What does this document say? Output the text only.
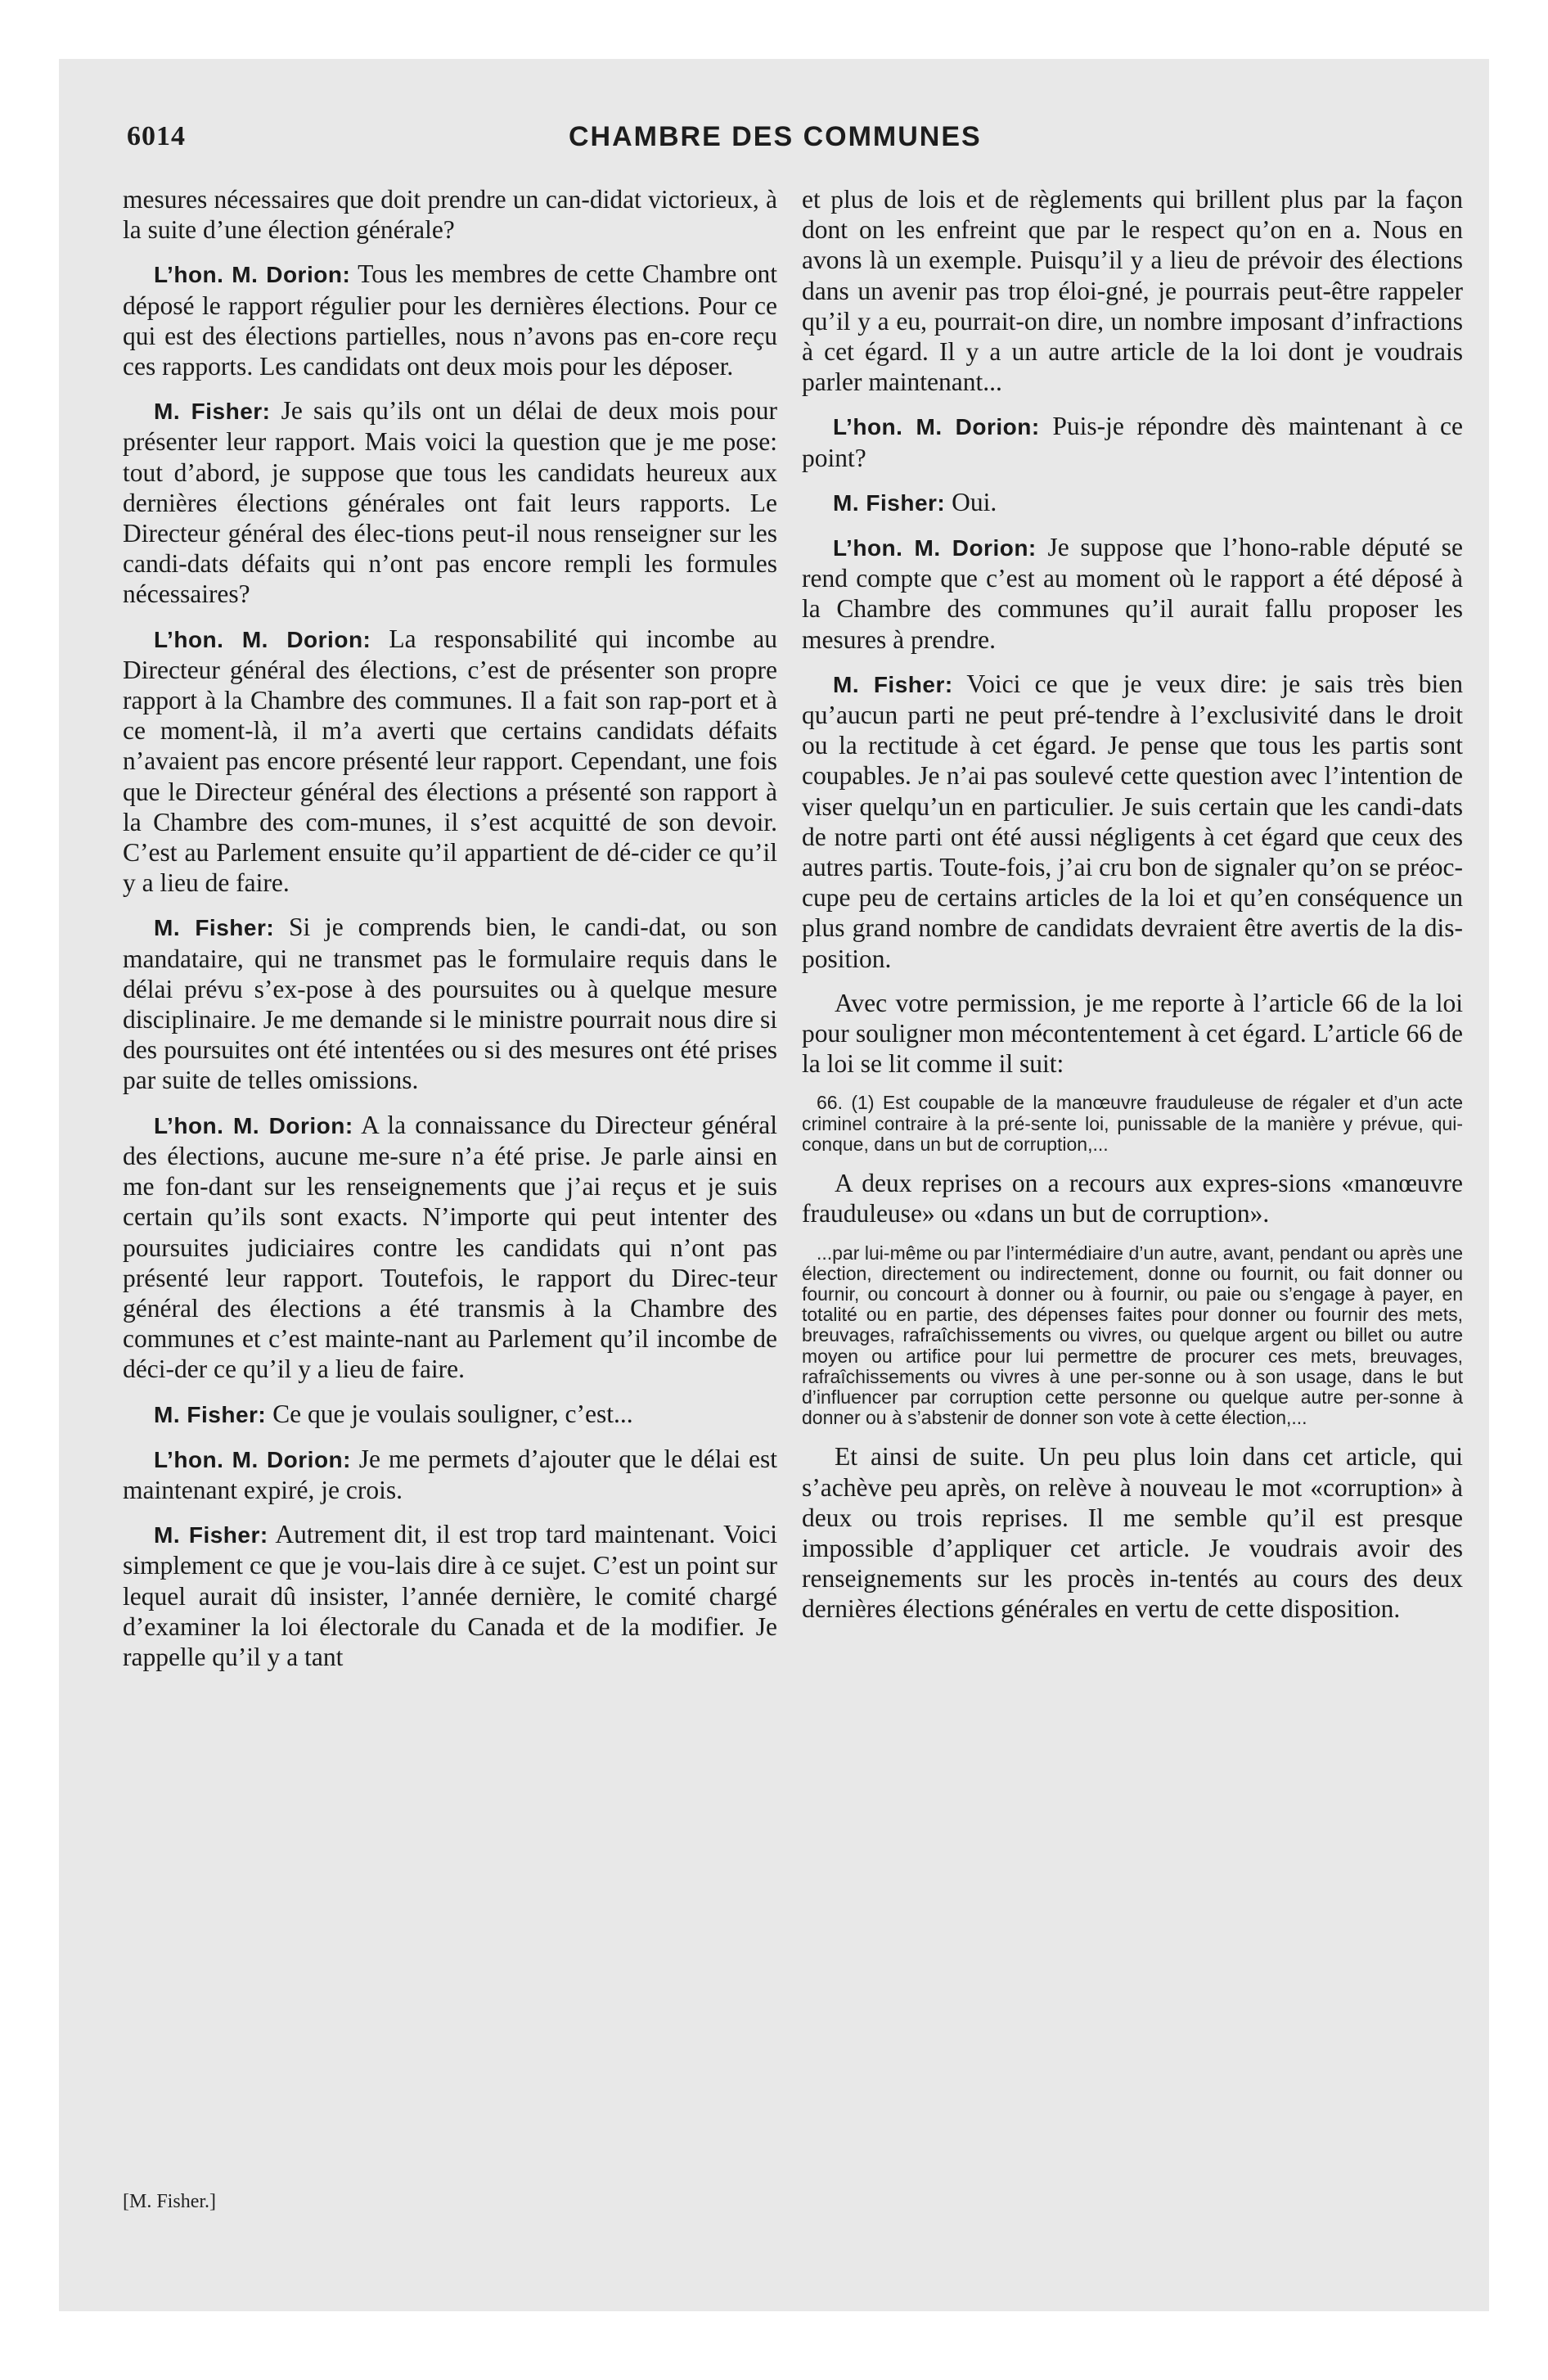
6014	CHAMBRE DES COMMUNES

mesures nécessaires que doit prendre un can-didat victorieux, à la suite d’une élection générale?

L’hon. M. Dorion: Tous les membres de cette Chambre ont déposé le rapport régulier pour les dernières élections. Pour ce qui est des élections partielles, nous n’avons pas en-core reçu ces rapports. Les candidats ont deux mois pour les déposer.

M. Fisher: Je sais qu’ils ont un délai de deux mois pour présenter leur rapport. Mais voici la question que je me pose: tout d’abord, je suppose que tous les candidats heureux aux dernières élections générales ont fait leurs rapports. Le Directeur général des élec-tions peut-il nous renseigner sur les candi-dats défaits qui n’ont pas encore rempli les formules nécessaires?

L’hon. M. Dorion: La responsabilité qui incombe au Directeur général des élections, c’est de présenter son propre rapport à la Chambre des communes. Il a fait son rap-port et à ce moment-là, il m’a averti que certains candidats défaits n’avaient pas encore présenté leur rapport. Cependant, une fois que le Directeur général des élections a présenté son rapport à la Chambre des com-munes, il s’est acquitté de son devoir. C’est au Parlement ensuite qu’il appartient de dé-cider ce qu’il y a lieu de faire.

M. Fisher: Si je comprends bien, le candi-dat, ou son mandataire, qui ne transmet pas le formulaire requis dans le délai prévu s’ex-pose à des poursuites ou à quelque mesure disciplinaire. Je me demande si le ministre pourrait nous dire si des poursuites ont été intentées ou si des mesures ont été prises par suite de telles omissions.

L’hon. M. Dorion: A la connaissance du Directeur général des élections, aucune me-sure n’a été prise. Je parle ainsi en me fon-dant sur les renseignements que j’ai reçus et je suis certain qu’ils sont exacts. N’importe qui peut intenter des poursuites judiciaires contre les candidats qui n’ont pas présenté leur rapport. Toutefois, le rapport du Direc-teur général des élections a été transmis à la Chambre des communes et c’est mainte-nant au Parlement qu’il incombe de déci-der ce qu’il y a lieu de faire.

M. Fisher: Ce que je voulais souligner, c’est...

L’hon. M. Dorion: Je me permets d’ajouter que le délai est maintenant expiré, je crois.

M. Fisher: Autrement dit, il est trop tard maintenant. Voici simplement ce que je vou-lais dire à ce sujet. C’est un point sur lequel aurait dû insister, l’année dernière, le comité chargé d’examiner la loi électorale du Canada et de la modifier. Je rappelle qu’il y a tant

[M. Fisher.]

et plus de lois et de règlements qui brillent plus par la façon dont on les enfreint que par le respect qu’on en a. Nous en avons là un exemple. Puisqu’il y a lieu de prévoir des élections dans un avenir pas trop éloi-gné, je pourrais peut-être rappeler qu’il y a eu, pourrait-on dire, un nombre imposant d’infractions à cet égard. Il y a un autre article de la loi dont je voudrais parler maintenant...

L’hon. M. Dorion: Puis-je répondre dès maintenant à ce point?

M. Fisher: Oui.

L’hon. M. Dorion: Je suppose que l’hono-rable député se rend compte que c’est au moment où le rapport a été déposé à la Chambre des communes qu’il aurait fallu proposer les mesures à prendre.

M. Fisher: Voici ce que je veux dire: je sais très bien qu’aucun parti ne peut pré-tendre à l’exclusivité dans le droit ou la rectitude à cet égard. Je pense que tous les partis sont coupables. Je n’ai pas soulevé cette question avec l’intention de viser quelqu’un en particulier. Je suis certain que les candi-dats de notre parti ont été aussi négligents à cet égard que ceux des autres partis. Toute-fois, j’ai cru bon de signaler qu’on se préoc-cupe peu de certains articles de la loi et qu’en conséquence un plus grand nombre de candidats devraient être avertis de la dis-position.

Avec votre permission, je me reporte à l’article 66 de la loi pour souligner mon mécontentement à cet égard. L’article 66 de la loi se lit comme il suit:

66. (1) Est coupable de la manœuvre frauduleuse de régaler et d’un acte criminel contraire à la pré-sente loi, punissable de la manière y prévue, qui-conque, dans un but de corruption,...

A deux reprises on a recours aux expres-sions «manœuvre frauduleuse» ou «dans un but de corruption».

...par lui-même ou par l’intermédiaire d’un autre, avant, pendant ou après une élection, directement ou indirectement, donne ou fournit, ou fait donner ou fournir, ou concourt à donner ou à fournir, ou paie ou s’engage à payer, en totalité ou en partie, des dépenses faites pour donner ou fournir des mets, breuvages, rafraîchissements ou vivres, ou quelque argent ou billet ou autre moyen ou artifice pour lui permettre de procurer ces mets, breuvages, rafraîchissements ou vivres à une per-sonne ou à son usage, dans le but d’influencer par corruption cette personne ou quelque autre per-sonne à donner ou à s’abstenir de donner son vote à cette élection,...

Et ainsi de suite. Un peu plus loin dans cet article, qui s’achève peu après, on relève à nouveau le mot «corruption» à deux ou trois reprises. Il me semble qu’il est presque impossible d’appliquer cet article. Je voudrais avoir des renseignements sur les procès in-tentés au cours des deux dernières élections générales en vertu de cette disposition.
